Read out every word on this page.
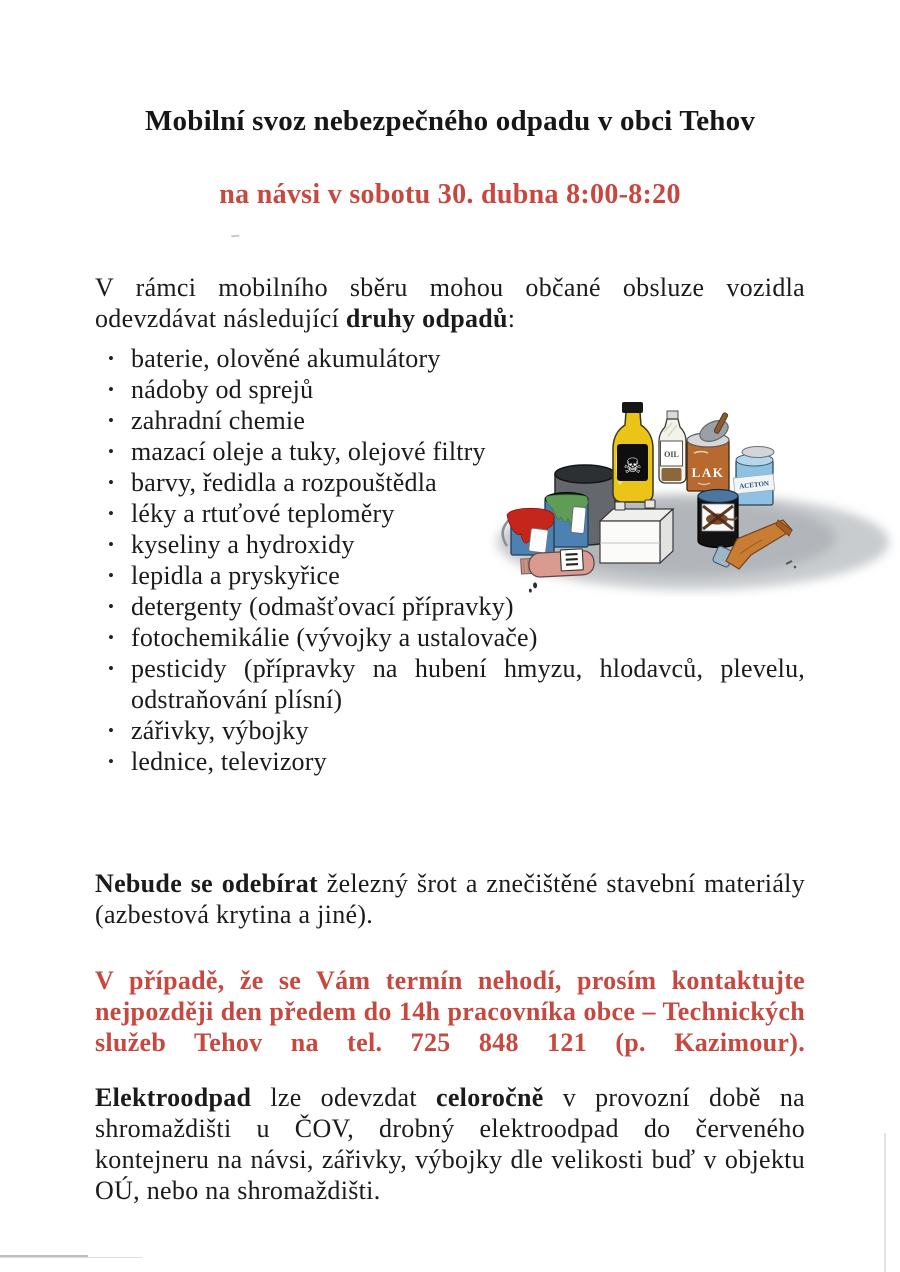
Mobilní svoz nebezpečného odpadu v obci Tehov
na návsi v sobotu 30. dubna 8:00-8:20

V rámci mobilního sběru mohou občané obsluze vozidla odevzdávat následující druhy odpadů:

• baterie, olověné akumulátory
• nádoby od sprejů
• zahradní chemie
• mazací oleje a tuky, olejové filtry
• barvy, ředidla a rozpouštědla
• léky a rtuťové teploměry
• kyseliny a hydroxidy
• lepidla a pryskyřice
• detergenty (odmašťovací přípravky)
• fotochemikálie (vývojky a ustalovače)
• pesticidy (přípravky na hubení hmyzu, hlodavců, plevelu, odstraňování plísní)
• zářivky, výbojky
• lednice, televizory
☠	OIL
LAK
ACETON

Nebude se odebírat železný šrot a znečištěné stavební materiály (azbestová krytina a jiné).

V případě, že se Vám termín nehodí, prosím kontaktujte nejpozději den předem do 14h pracovníka obce – Technických služeb Tehov na tel. 725 848 121 (p. Kazimour).

Elektroodpad lze odevzdat celoročně v provozní době na shromaždišti u ČOV, drobný elektroodpad do červeného kontejneru na návsi, zářivky, výbojky dle velikosti buď v objektu OÚ, nebo na shromaždišti.
